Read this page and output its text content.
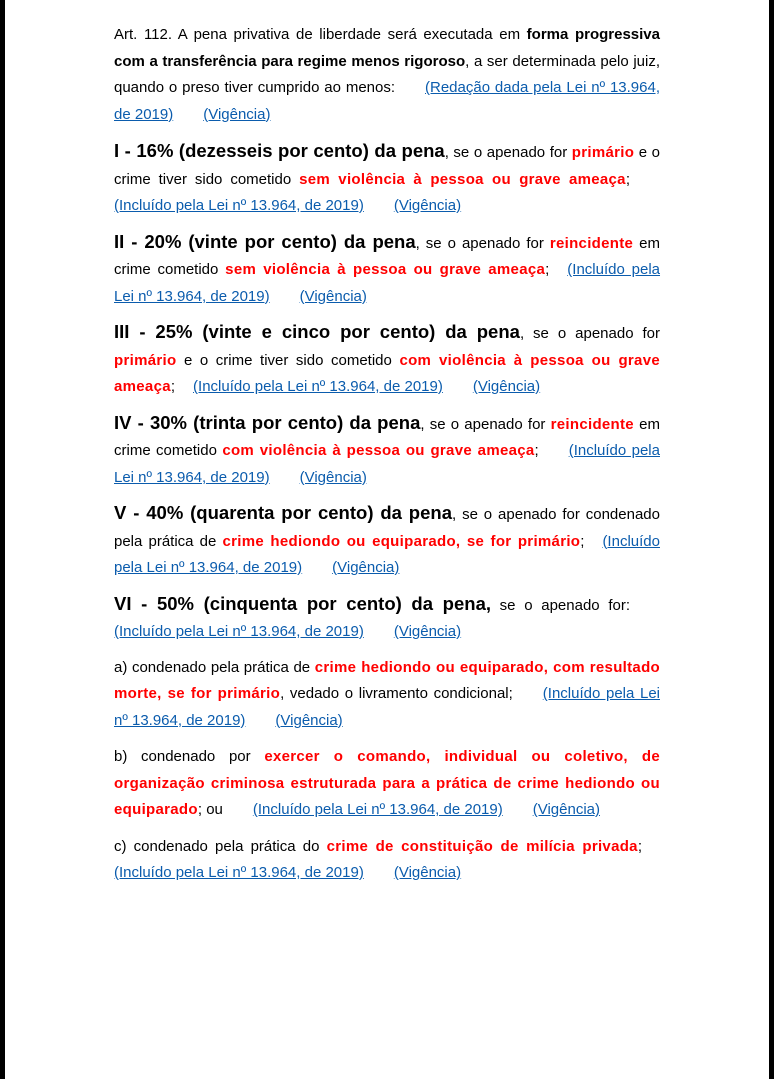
Art. 112. A pena privativa de liberdade será executada em forma progressiva com a transferência para regime menos rigoroso, a ser determinada pelo juiz, quando o preso tiver cumprido ao menos: (Redação dada pela Lei nº 13.964, de 2019) (Vigência)

I - 16% (dezesseis por cento) da pena, se o apenado for primário e o crime tiver sido cometido sem violência à pessoa ou grave ameaça;(Incluído pela Lei nº 13.964, de 2019) (Vigência)

II - 20% (vinte por cento) da pena, se o apenado for reincidente em crime cometido sem violência à pessoa ou grave ameaça; (Incluído pela Lei nº 13.964, de 2019) (Vigência)

III - 25% (vinte e cinco por cento) da pena, se o apenado for primário e o crime tiver sido cometido com violência à pessoa ou grave ameaça; (Incluído pela Lei nº 13.964, de 2019) (Vigência)

IV - 30% (trinta por cento) da pena, se o apenado for reincidente em crime cometido com violência à pessoa ou grave ameaça; (Incluído pela Lei nº 13.964, de 2019) (Vigência)

V - 40% (quarenta por cento) da pena, se o apenado for condenado pela prática de crime hediondo ou equiparado, se for primário; (Incluído pela Lei nº 13.964, de 2019) (Vigência)

VI - 50% (cinquenta por cento) da pena, se o apenado for:(Incluído pela Lei nº 13.964, de 2019) (Vigência)

a) condenado pela prática de crime hediondo ou equiparado, com resultado morte, se for primário, vedado o livramento condicional; (Incluído pela Lei nº 13.964, de 2019) (Vigência)

b) condenado por exercer o comando, individual ou coletivo, de organização criminosa estruturada para a prática de crime hediondo ou equiparado; ou (Incluído pela Lei nº 13.964, de 2019) (Vigência)

c) condenado pela prática do crime de constituição de milícia privada;(Incluído pela Lei nº 13.964, de 2019) (Vigência)
